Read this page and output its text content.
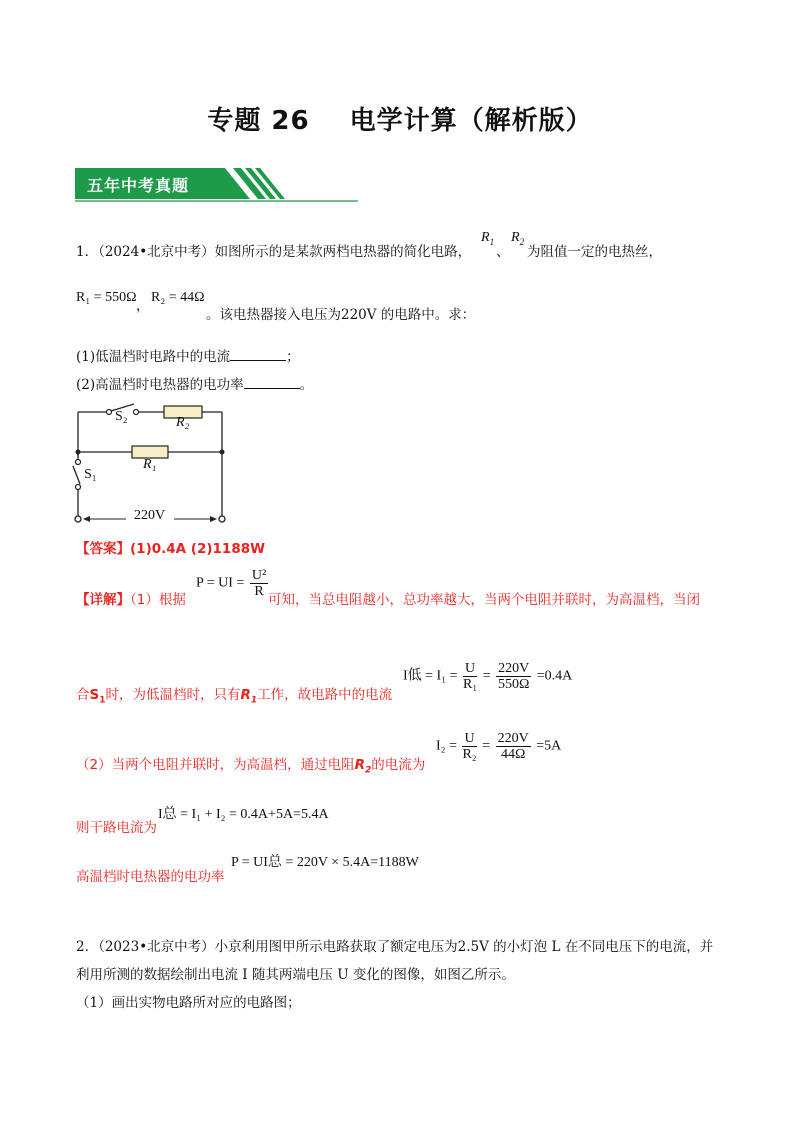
专题 26 电学计算（解析版）
五年中考真题
1．（2024•北京中考）如图所示的是某款两档电热器的简化电路，
$R_1$
、
$R_2$
为阻值一定的电热丝，
R₁ = 550Ω
，
R₂ = 44Ω
。该电热器接入电压为220V 的电路中。求：
(1)低温档时电路中的电流	；
(2)高温档时电热器的电功率	。
S₂	R₂
R₁
S₁
220V
【答案】(1)0.4A (2)1188W
【详解】（1）根据
P = UI = $\frac{\text{U²}}{R}$
可知，当总电阻越小，总功率越大，当两个电阻并联时，为高温档，当闭
合$S_1$时，为低温档时，只有$R_1$工作，故电路中的电流
I低 = $I_1 = \frac{U}{\text{R₁}} = \frac{220V}{550\Omega} =0.4A$
（2）当两个电阻并联时，为高温档，通过电阻$R_2$的电流为
$I_2 = \frac{U}{\text{R₂}} = \frac{220V}{44\Omega} =5A$
则干路电流为
I总 = I₁ + I₂ = 0.4A+5A=5.4A
高温档时电热器的电功率
P = UI总 = 220V × 5.4A=1188W
2．（2023•北京中考）小京利用图甲所示电路获取了额定电压为2.5V 的小灯泡 L 在不同电压下的电流，并
利用所测的数据绘制出电流 I 随其两端电压 U 变化的图像，如图乙所示。
（1）画出实物电路所对应的电路图；
